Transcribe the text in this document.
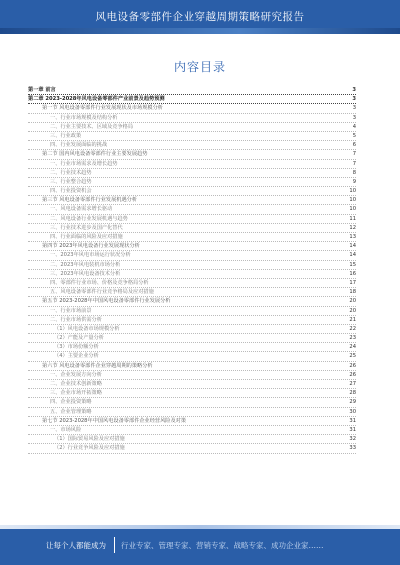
风电设备零部件企业穿越周期策略研究报告
内容目录
第一章 前言	3
第二章 2023-2028年风电设备零部件产业前景及趋势预测	3
第一节 风电设备零部件行业发展现状及市场规模分析	3
一、行业市场规模及结构分析	3
二、行业主要技术、区域及竞争格局	4
三、行业政策	5
四、行业发展面临的挑战	6
第二节 国内风电设备零部件行业主要发展趋势	7
一、行业市场需求及增长趋势	7
二、行业技术趋势	8
三、行业整合趋势	9
四、行业投资机会	10
第三节 风电设备零部件行业发展机遇分析	10
一、风电设备需求增长驱动	10
二、风电设备行业发展机遇与趋势	11
三、行业技术进步及国产化替代	12
四、行业面临的风险及应对措施	13
第四节 2023年风电设备行业发展现状分析	14
一、2023年风电市场运行状况分析	14
二、2023年风电装机市场分析	15
三、2023年风电设备技术分析	16
四、零部件行业市场、价格及竞争格局分析	17
五、风电设备零部件行业竞争格局及应对措施	18
第五节 2023-2028年中国风电设备零部件行业发展分析	20
一、行业市场前景	20
二、行业市场供需分析	21
（1）风电设备市场规模分析	22
（2）产能及产量分析	23
（3）市场份额分析	24
（4）主要企业分析	25
第六节 风电设备零部件企业穿越周期的策略分析	26
一、企业发展方向分析	26
二、企业技术创新策略	27
三、企业市场开拓策略	28
四、企业投资策略	29
五、企业管理策略	30
第七节 2023-2028年中国风电设备零部件企业经营风险及对策	31
一、市场风险	31
（1）国际贸易风险及应对措施	32
（2）行业竞争风险及应对措施	33
让每个人都能成为 行业专家、管理专家、营销专家、战略专家、成功企业家……
